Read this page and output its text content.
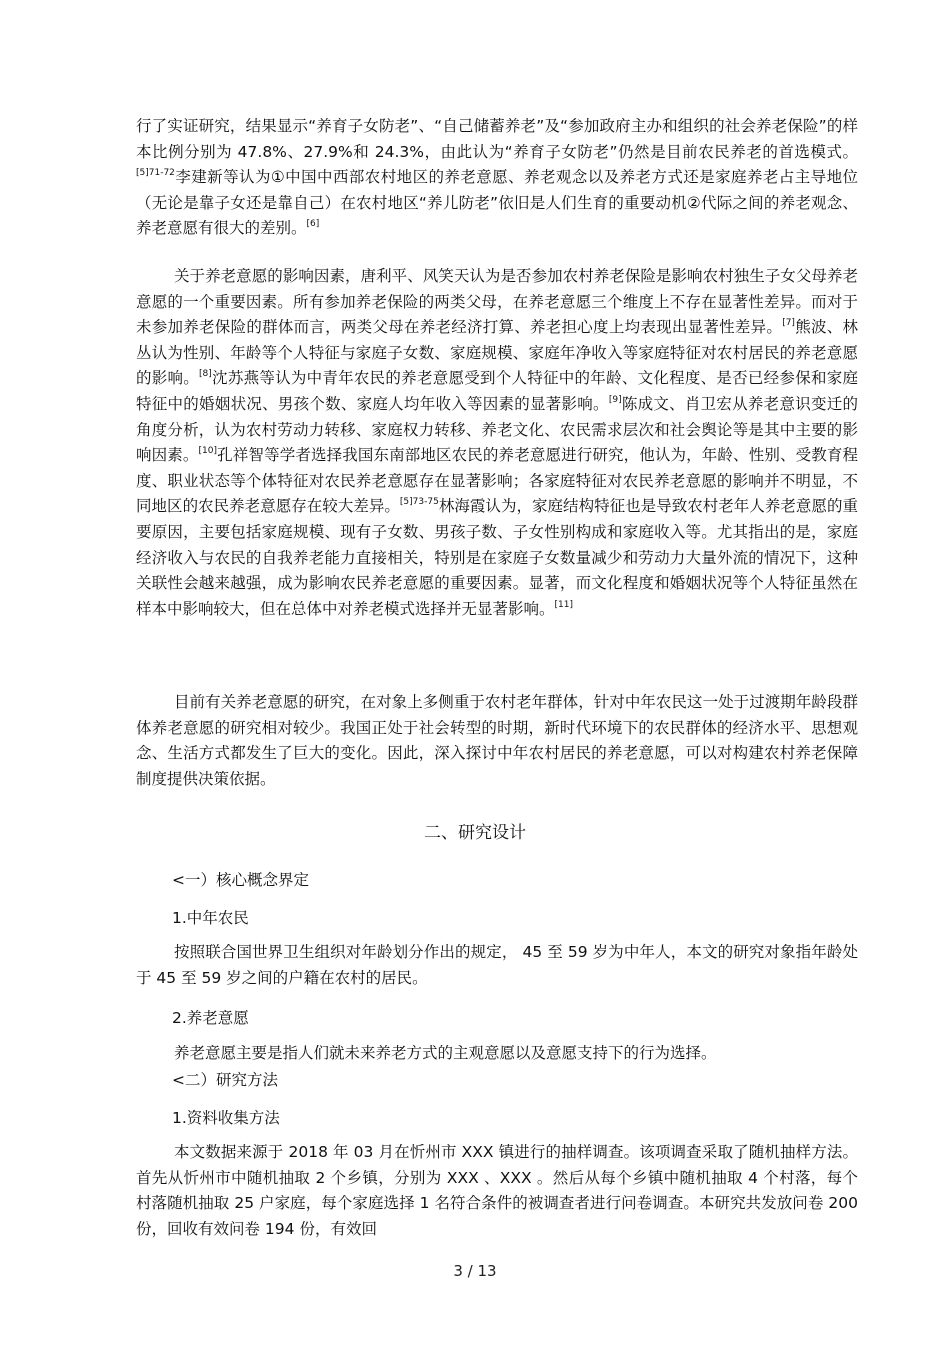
行了实证研究，结果显示“养育子女防老”、“自己储蓄养老”及“参加政府主办和组织的社会养老保险”的样本比例分别为 47.8%、27.9%和 24.3%，由此认为“养育子女防老”仍然是目前农民养老的首选模式。$^{[5]71-72}$李建新等认为①中国中西部农村地区的养老意愿、养老观念以及养老方式还是家庭养老占主导地位（无论是靠子女还是靠自己）在农村地区“养儿防老”依旧是人们生育的重要动机②代际之间的养老观念、养老意愿有很大的差别。[6]

关于养老意愿的影响因素，唐利平、风笑天认为是否参加农村养老保险是影响农村独生子女父母养老意愿的一个重要因素。所有参加养老保险的两类父母，在养老意愿三个维度上不存在显著性差异。而对于未参加养老保险的群体而言，两类父母在养老经济打算、养老担心度上均表现出显著性差异。[7]熊波、林丛认为性别、年龄等个人特征与家庭子女数、家庭规模、家庭年净收入等家庭特征对农村居民的养老意愿的影响。[8]沈苏燕等认为中青年农民的养老意愿受到个人特征中的年龄、文化程度、是否已经参保和家庭特征中的婚姻状况、男孩个数、家庭人均年收入等因素的显著影响。[9]陈成文、肖卫宏从养老意识变迁的角度分析，认为农村劳动力转移、家庭权力转移、养老文化、农民需求层次和社会舆论等是其中主要的影响因素。[10]孔祥智等学者选择我国东南部地区农民的养老意愿进行研究，他认为，年龄、性别、受教育程度、职业状态等个体特征对农民养老意愿存在显著影响；各家庭特征对农民养老意愿的影响并不明显，不同地区的农民养老意愿存在较大差异。$^{[5]73-75}$林海霞认为，家庭结构特征也是导致农村老年人养老意愿的重要原因，主要包括家庭规模、现有子女数、男孩子数、子女性别构成和家庭收入等。尤其指出的是，家庭经济收入与农民的自我养老能力直接相关，特别是在家庭子女数量减少和劳动力大量外流的情况下，这种关联性会越来越强，成为影响农民养老意愿的重要因素。显著，而文化程度和婚姻状况等个人特征虽然在样本中影响较大，但在总体中对养老模式选择并无显著影响。[11]

目前有关养老意愿的研究，在对象上多侧重于农村老年群体，针对中年农民这一处于过渡期年龄段群体养老意愿的研究相对较少。我国正处于社会转型的时期，新时代环境下的农民群体的经济水平、思想观念、生活方式都发生了巨大的变化。因此，深入探讨中年农村居民的养老意愿，可以对构建农村养老保障制度提供决策依据。

二、研究设计
<一）核心概念界定
1.中年农民

按照联合国世界卫生组织对年龄划分作出的规定， 45 至 59 岁为中年人，本文的研究对象指年龄处于 45 至 59 岁之间的户籍在农村的居民。

2.养老意愿

养老意愿主要是指人们就未来养老方式的主观意愿以及意愿支持下的行为选择。

<二）研究方法
1.资料收集方法

本文数据来源于 2018 年 03 月在忻州市 XXX 镇进行的抽样调查。该项调查采取了随机抽样方法。首先从忻州市中随机抽取 2 个乡镇，分别为 XXX 、XXX 。然后从每个乡镇中随机抽取 4 个村落，每个村落随机抽取 25 户家庭，每个家庭选择 1 名符合条件的被调查者进行问卷调查。本研究共发放问卷 200 份，回收有效问卷 194 份，有效回

3 / 13
